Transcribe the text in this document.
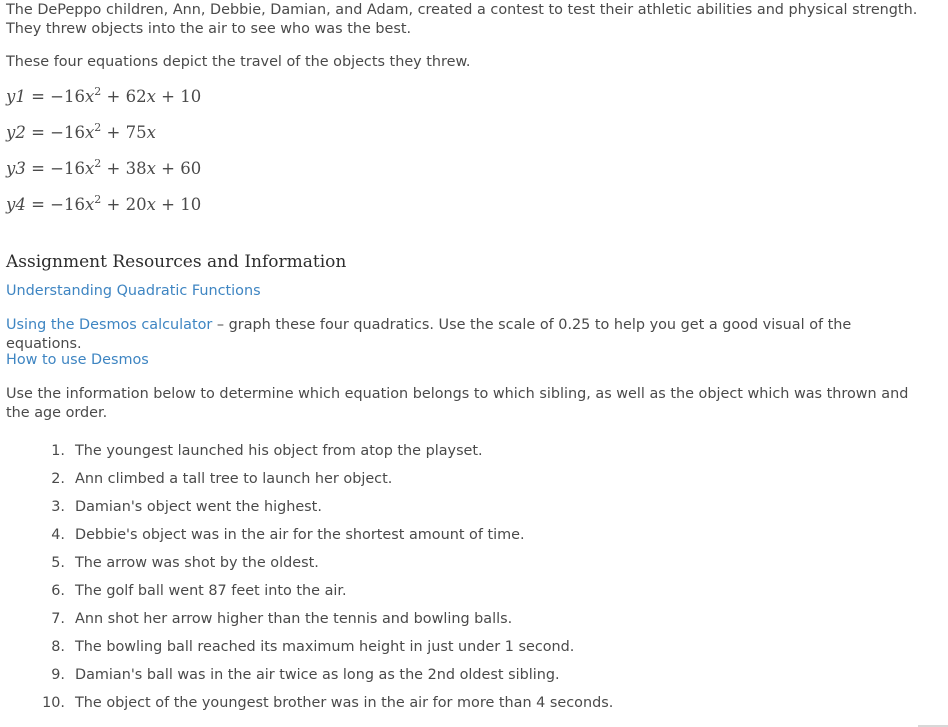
The DePeppo children, Ann, Debbie, Damian, and Adam, created a contest to test their athletic abilities and physical strength. They threw objects into the air to see who was the best.

These four equations depict the travel of the objects they threw.

$y1 = -16x^2 + 62x + 10$
$y2 = -16x^2 + 75x$
$y3 = -16x^2 + 38x + 60$
$y4 = -16x^2 + 20x + 10$
Assignment Resources and Information

Understanding Quadratic Functions

Using the Desmos calculator – graph these four quadratics. Use the scale of 0.25 to help you get a good visual of the equations.

How to use Desmos

Use the information below to determine which equation belongs to which sibling, as well as the object which was thrown and the age order.

1. The youngest launched his object from atop the playset.
2. Ann climbed a tall tree to launch her object.
3. Damian's object went the highest.
4. Debbie's object was in the air for the shortest amount of time.
5. The arrow was shot by the oldest.
6. The golf ball went 87 feet into the air.
7. Ann shot her arrow higher than the tennis and bowling balls.
8. The bowling ball reached its maximum height in just under 1 second.
9. Damian's ball was in the air twice as long as the 2nd oldest sibling.
10. The object of the youngest brother was in the air for more than 4 seconds.
